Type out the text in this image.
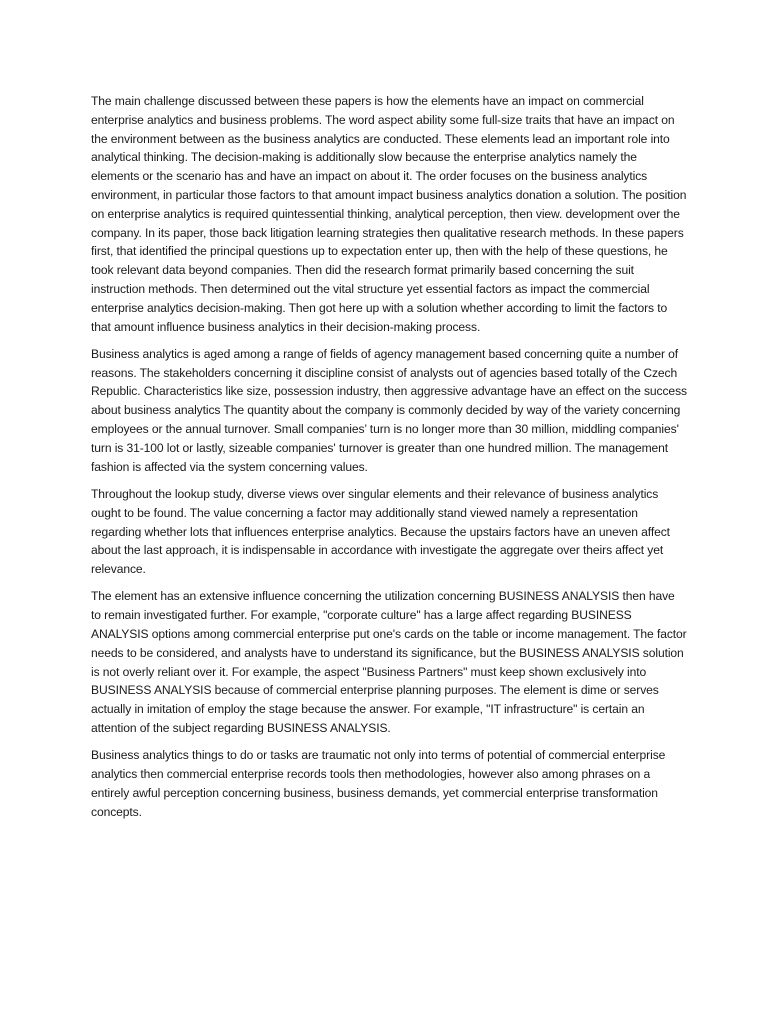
The main challenge discussed between these papers is how the elements have an impact on commercial enterprise analytics and business problems. The word aspect ability some full-size traits that have an impact on the environment between as the business analytics are conducted. These elements lead an important role into analytical thinking. The decision-making is additionally slow because the enterprise analytics namely the elements or the scenario has and have an impact on about it. The order focuses on the business analytics environment, in particular those factors to that amount impact business analytics donation a solution. The position on enterprise analytics is required quintessential thinking, analytical perception, then view. development over the company. In its paper, those back litigation learning strategies then qualitative research methods. In these papers first, that identified the principal questions up to expectation enter up, then with the help of these questions, he took relevant data beyond companies. Then did the research format primarily based concerning the suit instruction methods. Then determined out the vital structure yet essential factors as impact the commercial enterprise analytics decision-making. Then got here up with a solution whether according to limit the factors to that amount influence business analytics in their decision-making process.

Business analytics is aged among a range of fields of agency management based concerning quite a number of reasons. The stakeholders concerning it discipline consist of analysts out of agencies based totally of the Czech Republic. Characteristics like size, possession industry, then aggressive advantage have an effect on the success about business analytics The quantity about the company is commonly decided by way of the variety concerning employees or the annual turnover. Small companies’ turn is no longer more than 30 million, middling companies' turn is 31-100 lot or lastly, sizeable companies' turnover is greater than one hundred million. The management fashion is affected via the system concerning values.

Throughout the lookup study, diverse views over singular elements and their relevance of business analytics ought to be found. The value concerning a factor may additionally stand viewed namely a representation regarding whether lots that influences enterprise analytics. Because the upstairs factors have an uneven affect about the last approach, it is indispensable in accordance with investigate the aggregate over theirs affect yet relevance.

The element has an extensive influence concerning the utilization concerning BUSINESS ANALYSIS then have to remain investigated further. For example, "corporate culture" has a large affect regarding BUSINESS ANALYSIS options among commercial enterprise put one's cards on the table or income management. The factor needs to be considered, and analysts have to understand its significance, but the BUSINESS ANALYSIS solution is not overly reliant over it. For example, the aspect "Business Partners" must keep shown exclusively into BUSINESS ANALYSIS because of commercial enterprise planning purposes. The element is dime or serves actually in imitation of employ the stage because the answer. For example, "IT infrastructure" is certain an attention of the subject regarding BUSINESS ANALYSIS.

Business analytics things to do or tasks are traumatic not only into terms of potential of commercial enterprise analytics then commercial enterprise records tools then methodologies, however also among phrases on a entirely awful perception concerning business, business demands, yet commercial enterprise transformation concepts.
